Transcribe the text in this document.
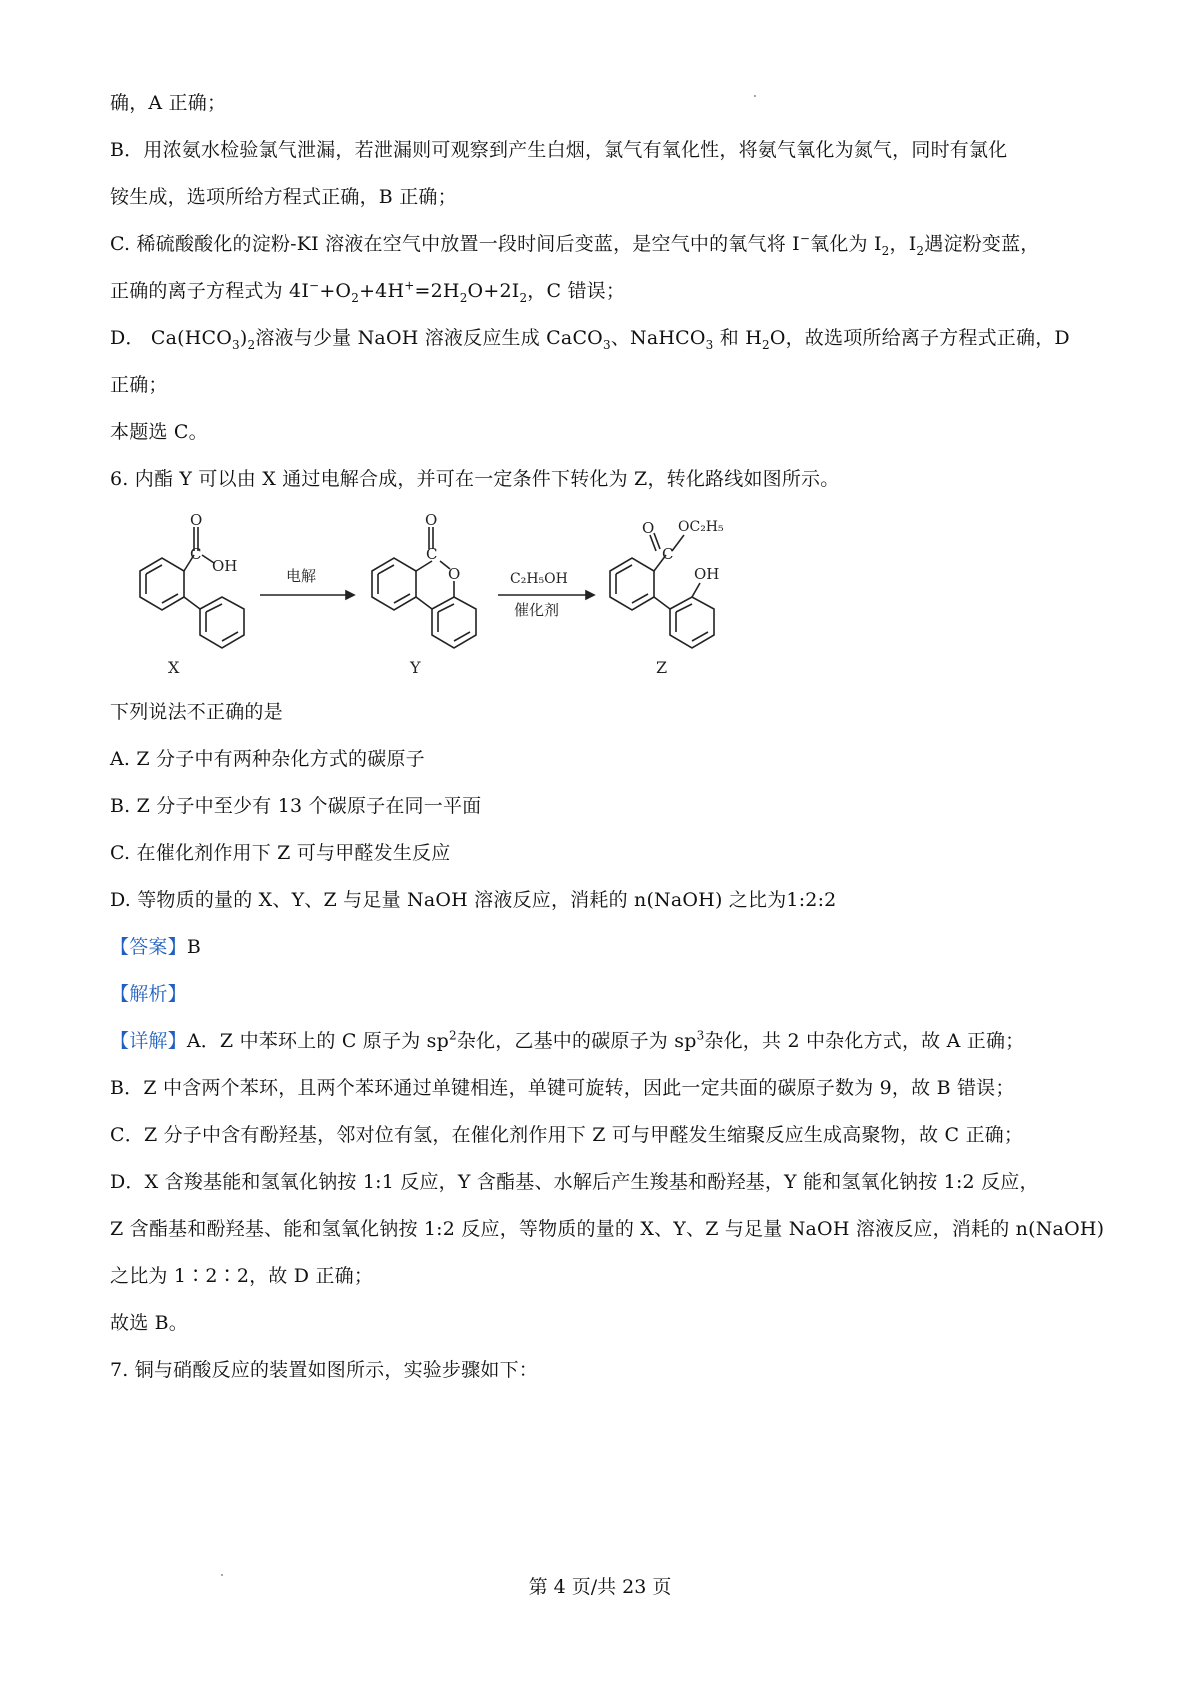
确，A 正确；
B．用浓氨水检验氯气泄漏，若泄漏则可观察到产生白烟，氯气有氧化性，将氨气氧化为氮气，同时有氯化
铵生成，选项所给方程式正确，B 正确；
C. 稀硫酸酸化的淀粉-KI 溶液在空气中放置一段时间后变蓝，是空气中的氧气将 I−氧化为 $I_2$，$I_2$遇淀粉变蓝，
正确的离子方程式为 $4I^-+O_2+4H^+=2H_2O+2I_2$，C 错误；
D． $Ca(HCO_3)_2$溶液与少量 NaOH 溶液反应生成 CaCO$_3$、NaHCO$_3$ 和 $H_2O$，故选项所给离子方程式正确，D
正确；
本题选 C。
6. 内酯 Y 可以由 X 通过电解合成，并可在一定条件下转化为 Z，转化路线如图所示。
O
C
OH
X
电解
O
C
O
Y
C₂H₅OH
催化剂
O
C
OC₂H₅
OH
Z
下列说法不正确的是
A. Z 分子中有两种杂化方式的碳原子
B. Z 分子中至少有 13 个碳原子在同一平面
C. 在催化剂作用下 Z 可与甲醛发生反应
D. 等物质的量的 X、Y、Z 与足量 NaOH 溶液反应，消耗的 n(NaOH) 之比为1:2:2
【答案】B
【解析】
【详解】A．Z 中苯环上的 C 原子为 $sp^2$杂化，乙基中的碳原子为 $sp^3$杂化，共 2 中杂化方式，故 A 正确；
B．Z 中含两个苯环，且两个苯环通过单键相连，单键可旋转，因此一定共面的碳原子数为 9，故 B 错误；
C．Z 分子中含有酚羟基，邻对位有氢，在催化剂作用下 Z 可与甲醛发生缩聚反应生成高聚物，故 C 正确；
D．X 含羧基能和氢氧化钠按 1:1 反应，Y 含酯基、水解后产生羧基和酚羟基，Y 能和氢氧化钠按 1:2 反应，
Z 含酯基和酚羟基、能和氢氧化钠按 1:2 反应，等物质的量的 X、Y、Z 与足量 NaOH 溶液反应，消耗的 n(NaOH)
之比为 1∶2∶2，故 D 正确；
故选 B。
7. 铜与硝酸反应的装置如图所示，实验步骤如下：
第 4 页/共 23 页
